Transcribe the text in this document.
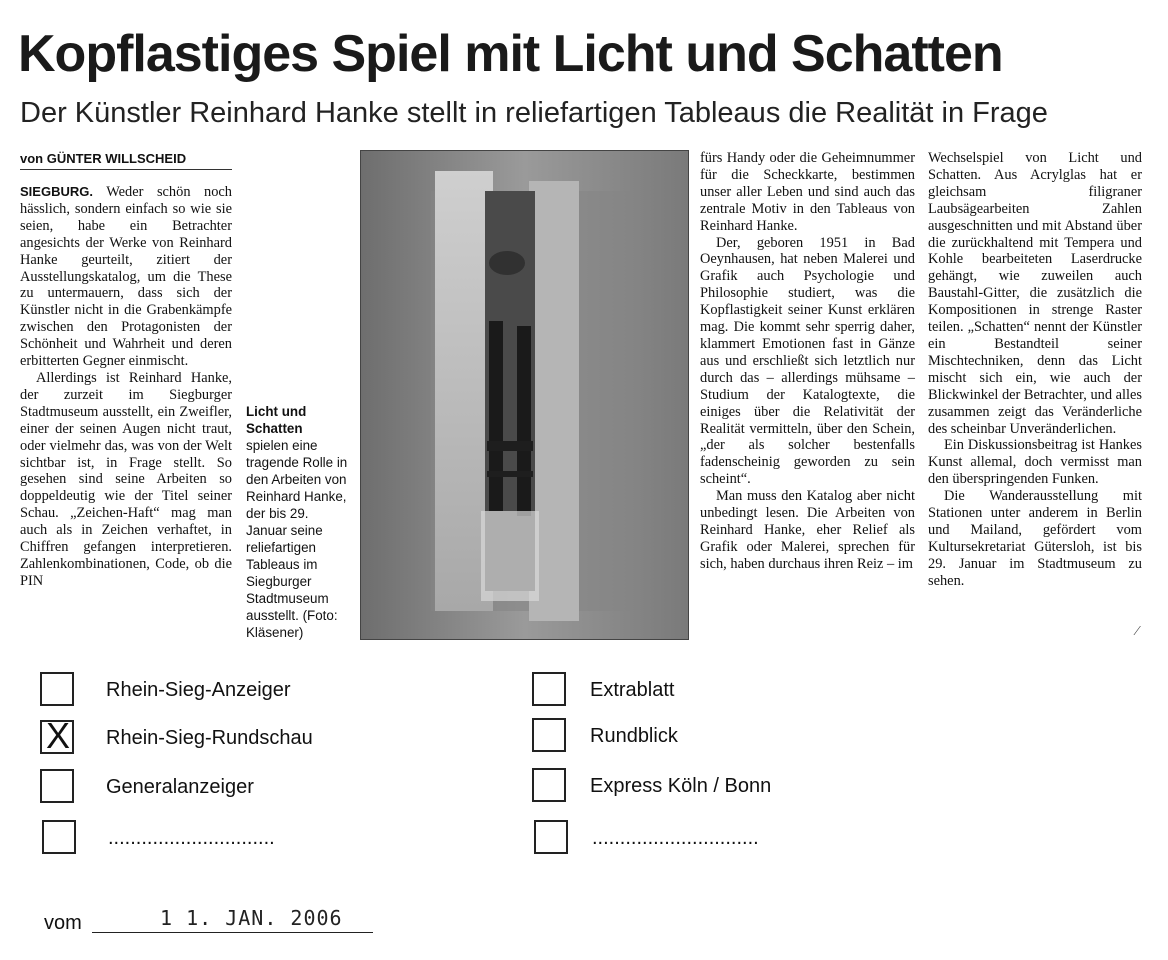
Kopflastiges Spiel mit Licht und Schatten
Der Künstler Reinhard Hanke stellt in reliefartigen Tableaus die Realität in Frage
von GÜNTER WILLSCHEID

SIEGBURG. Weder schön noch hässlich, sondern einfach so wie sie seien, habe ein Betrachter angesichts der Werke von Reinhard Hanke geurteilt, zitiert der Ausstellungskatalog, um die These zu untermauern, dass sich der Künstler nicht in die Grabenkämpfe zwischen den Protagonisten der Schönheit und Wahrheit und deren erbitterten Gegner einmischt.

Allerdings ist Reinhard Hanke, der zurzeit im Siegburger Stadtmuseum ausstellt, ein Zweifler, einer der seinen Augen nicht traut, oder vielmehr das, was von der Welt sichtbar ist, in Frage stellt. So gesehen sind seine Arbeiten so doppeldeutig wie der Titel seiner Schau. „Zeichen-Haft“ mag man auch als in Zeichen verhaftet, in Chiffren gefangen interpretieren. Zahlenkombinationen, Code, ob die PIN

Licht und Schatten spielen eine tragende Rolle in den Arbeiten von Reinhard Hanke, der bis 29. Januar seine reliefartigen Tableaus im Siegburger Stadtmuseum ausstellt. (Foto: Kläsener)

fürs Handy oder die Geheimnummer für die Scheckkarte, bestimmen unser aller Leben und sind auch das zentrale Motiv in den Tableaus von Reinhard Hanke.

Der, geboren 1951 in Bad Oeynhausen, hat neben Malerei und Grafik auch Psychologie und Philosophie studiert, was die Kopflastigkeit seiner Kunst erklären mag. Die kommt sehr sperrig daher, klammert Emotionen fast in Gänze aus und erschließt sich letztlich nur durch das – allerdings mühsame – Studium der Katalogtexte, die einiges über die Relativität der Realität vermitteln, über den Schein, „der als solcher bestenfalls fadenscheinig geworden zu sein scheint“.

Man muss den Katalog aber nicht unbedingt lesen. Die Arbeiten von Reinhard Hanke, eher Relief als Grafik oder Malerei, sprechen für sich, haben durchaus ihren Reiz – im

Wechselspiel von Licht und Schatten. Aus Acrylglas hat er gleichsam filigraner Laubsägearbeiten Zahlen ausgeschnitten und mit Abstand über die zurückhaltend mit Tempera und Kohle bearbeiteten Laserdrucke gehängt, wie zuweilen auch Baustahl-Gitter, die zusätzlich die Kompositionen in strenge Raster teilen. „Schatten“ nennt der Künstler ein Bestandteil seiner Mischtechniken, denn das Licht mischt sich ein, wie auch der Blickwinkel der Betrachter, und alles zusammen zeigt das Veränderliche des scheinbar Unveränderlichen.

Ein Diskussionsbeitrag ist Hankes Kunst allemal, doch vermisst man den überspringenden Funken.

Die Wanderausstellung mit Stationen unter anderem in Berlin und Mailand, gefördert vom Kultursekretariat Gütersloh, ist bis 29. Januar im Stadtmuseum zu sehen.

⁄
Rhein-Sieg-Anzeiger
X Rhein-Sieg-Rundschau
Generalanzeiger
..............................
Extrablatt
Rundblick
Express Köln / Bonn
..............................
vom	1 1. JAN. 2006
